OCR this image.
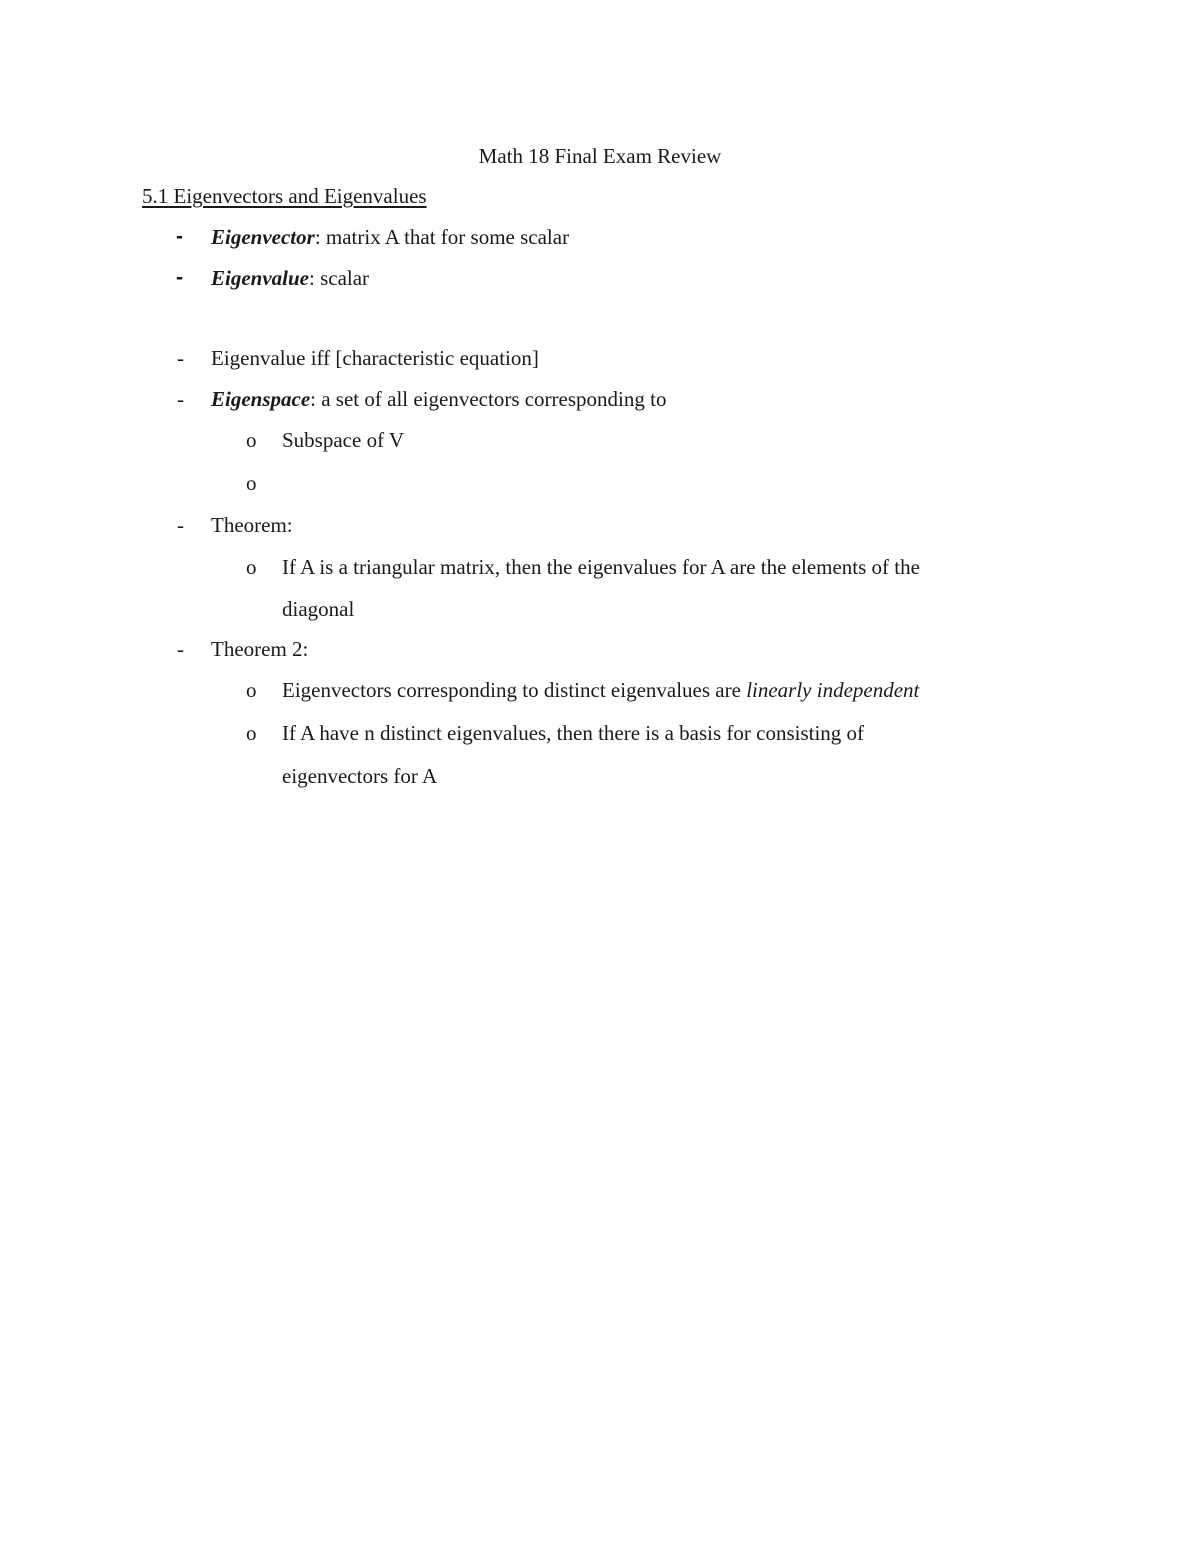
Math 18 Final Exam Review
5.1 Eigenvectors and Eigenvalues
- Eigenvector: matrix A that for some scalar
- Eigenvalue: scalar
- Eigenvalue iff [characteristic equation]
- Eigenspace: a set of all eigenvectors corresponding to
o Subspace of V
o
- Theorem:
o If A is a triangular matrix, then the eigenvalues for A are the elements of the
diagonal
- Theorem 2:
o Eigenvectors corresponding to distinct eigenvalues are linearly independent
o If A have n distinct eigenvalues, then there is a basis for consisting of
eigenvectors for A
